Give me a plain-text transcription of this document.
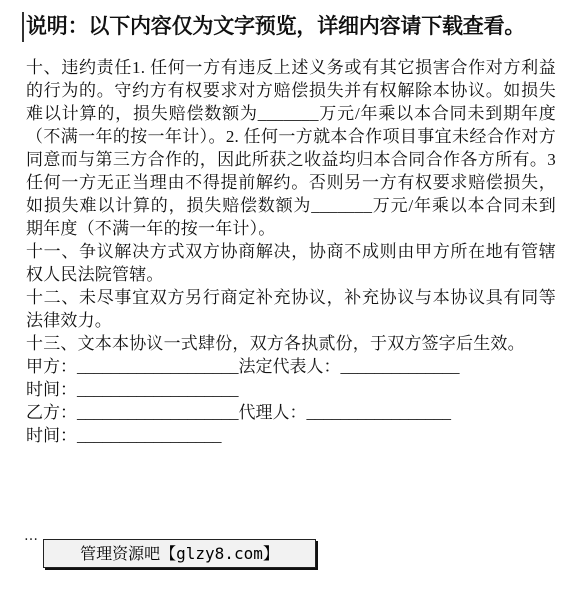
说明：以下内容仅为文字预览，详细内容请下载查看。

十、违约责任1. 任何一方有违反上述义务或有其它损害合作对方利益的行为的。守约方有权要求对方赔偿损失并有权解除本协议。如损失难以计算的，损失赔偿数额为_______万元/年乘以本合同未到期年度（不满一年的按一年计）。2. 任何一方就本合作项目事宜未经合作对方同意而与第三方合作的，因此所获之收益均归本合同合作各方所有。3任何一方无正当理由不得提前解约。否则另一方有权要求赔偿损失，如损失难以计算的，损失赔偿数额为_______万元/年乘以本合同未到期年度（不满一年的按一年计）。

十一、争议解决方式双方协商解决，协商不成则由甲方所在地有管辖权人民法院管辖。

十二、未尽事宜双方另行商定补充协议，补充协议与本协议具有同等法律效力。

十三、文本本协议一式肆份，双方各执贰份，于双方签字后生效。

甲方：___________________法定代表人：______________

时间：___________________

乙方：___________________代理人：_________________

时间：_________________

…
管理资源吧【glzy8.com】
